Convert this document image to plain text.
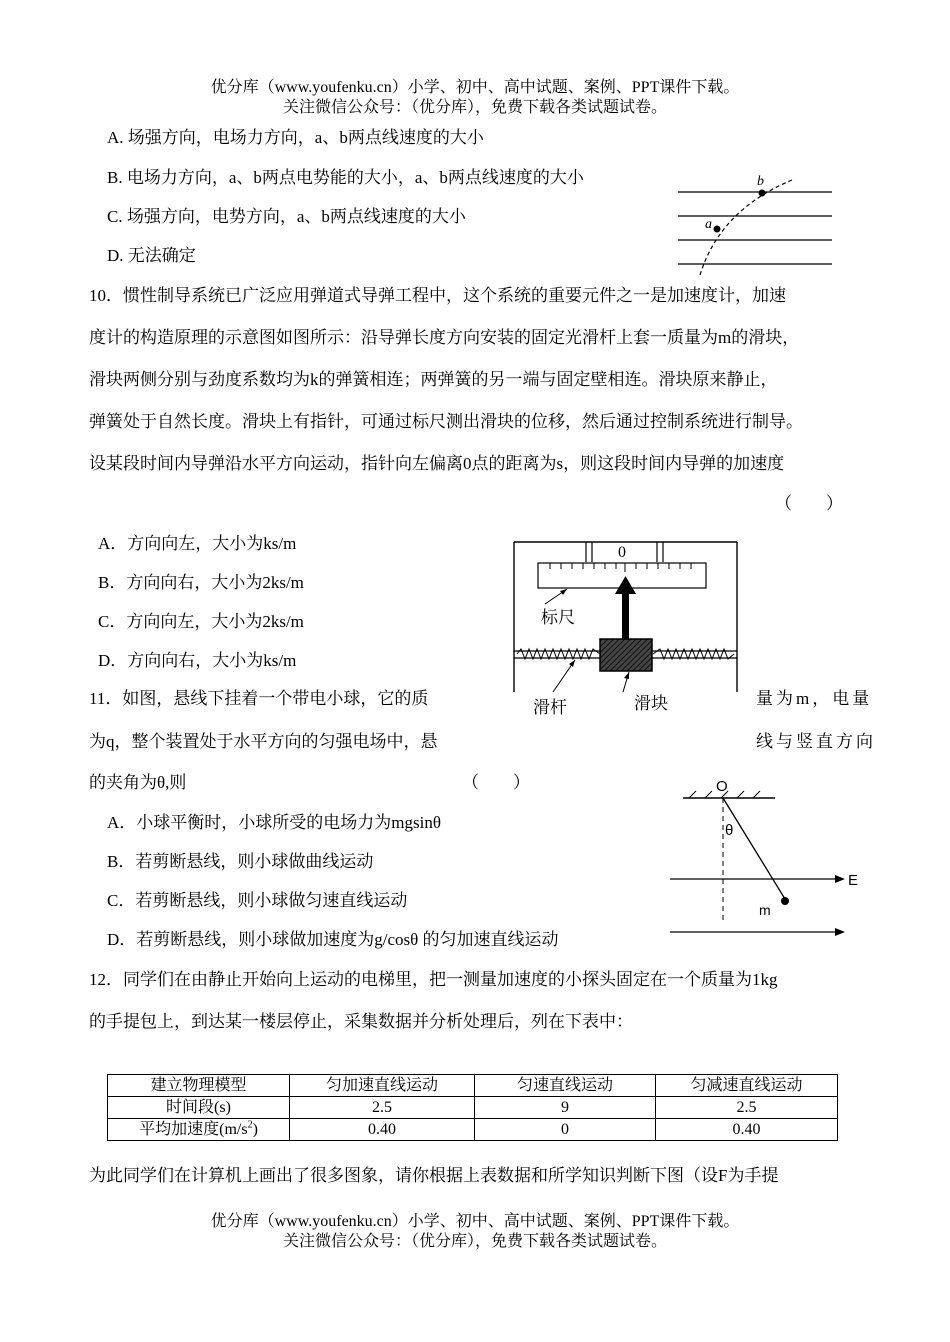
优分库（www.youfenku.cn）小学、初中、高中试题、案例、PPT课件下载。
关注微信公众号：（优分库），免费下载各类试题试卷。
A. 场强方向，电场力方向，a、b两点线速度的大小
B. 电场力方向，a、b两点电势能的大小，a、b两点线速度的大小
C. 场强方向，电势方向，a、b两点线速度的大小
D. 无法确定
a
b
10．惯性制导系统已广泛应用弹道式导弹工程中，这个系统的重要元件之一是加速度计，加速
度计的构造原理的示意图如图所示：沿导弹长度方向安装的固定光滑杆上套一质量为m的滑块，
滑块两侧分别与劲度系数均为k的弹簧相连；两弹簧的另一端与固定壁相连。滑块原来静止，
弹簧处于自然长度。滑块上有指针，可通过标尺测出滑块的位移，然后通过控制系统进行制导。
设某段时间内导弹沿水平方向运动，指针向左偏离0点的距离为s，则这段时间内导弹的加速度
（　　）
A．方向向左，大小为ks/m
B．方向向右，大小为2ks/m
C．方向向左，大小为2ks/m
D．方向向右，大小为ks/m
0
标尺
滑杆	滑块
11．如图，悬线下挂着一个带电小球，它的质	量为m，电量
为q，整个装置处于水平方向的匀强电场中，悬	线与竖直方向
的夹角为θ,则	（　　）
A．小球平衡时，小球所受的电场力为mgsinθ
B．若剪断悬线，则小球做曲线运动
C．若剪断悬线，则小球做匀速直线运动
D．若剪断悬线，则小球做加速度为g/cosθ 的匀加速直线运动
O
θ
m
E
12．同学们在由静止开始向上运动的电梯里，把一测量加速度的小探头固定在一个质量为1kg
的手提包上，到达某一楼层停止，采集数据并分析处理后，列在下表中：
建立物理模型	匀加速直线运动	匀速直线运动	匀减速直线运动
时间段(s)	2.5	9	2.5
平均加速度$(m/s^2)$	0.40	0	0.40
为此同学们在计算机上画出了很多图象，请你根据上表数据和所学知识判断下图（设F为手提
优分库（www.youfenku.cn）小学、初中、高中试题、案例、PPT课件下载。
关注微信公众号：（优分库），免费下载各类试题试卷。
